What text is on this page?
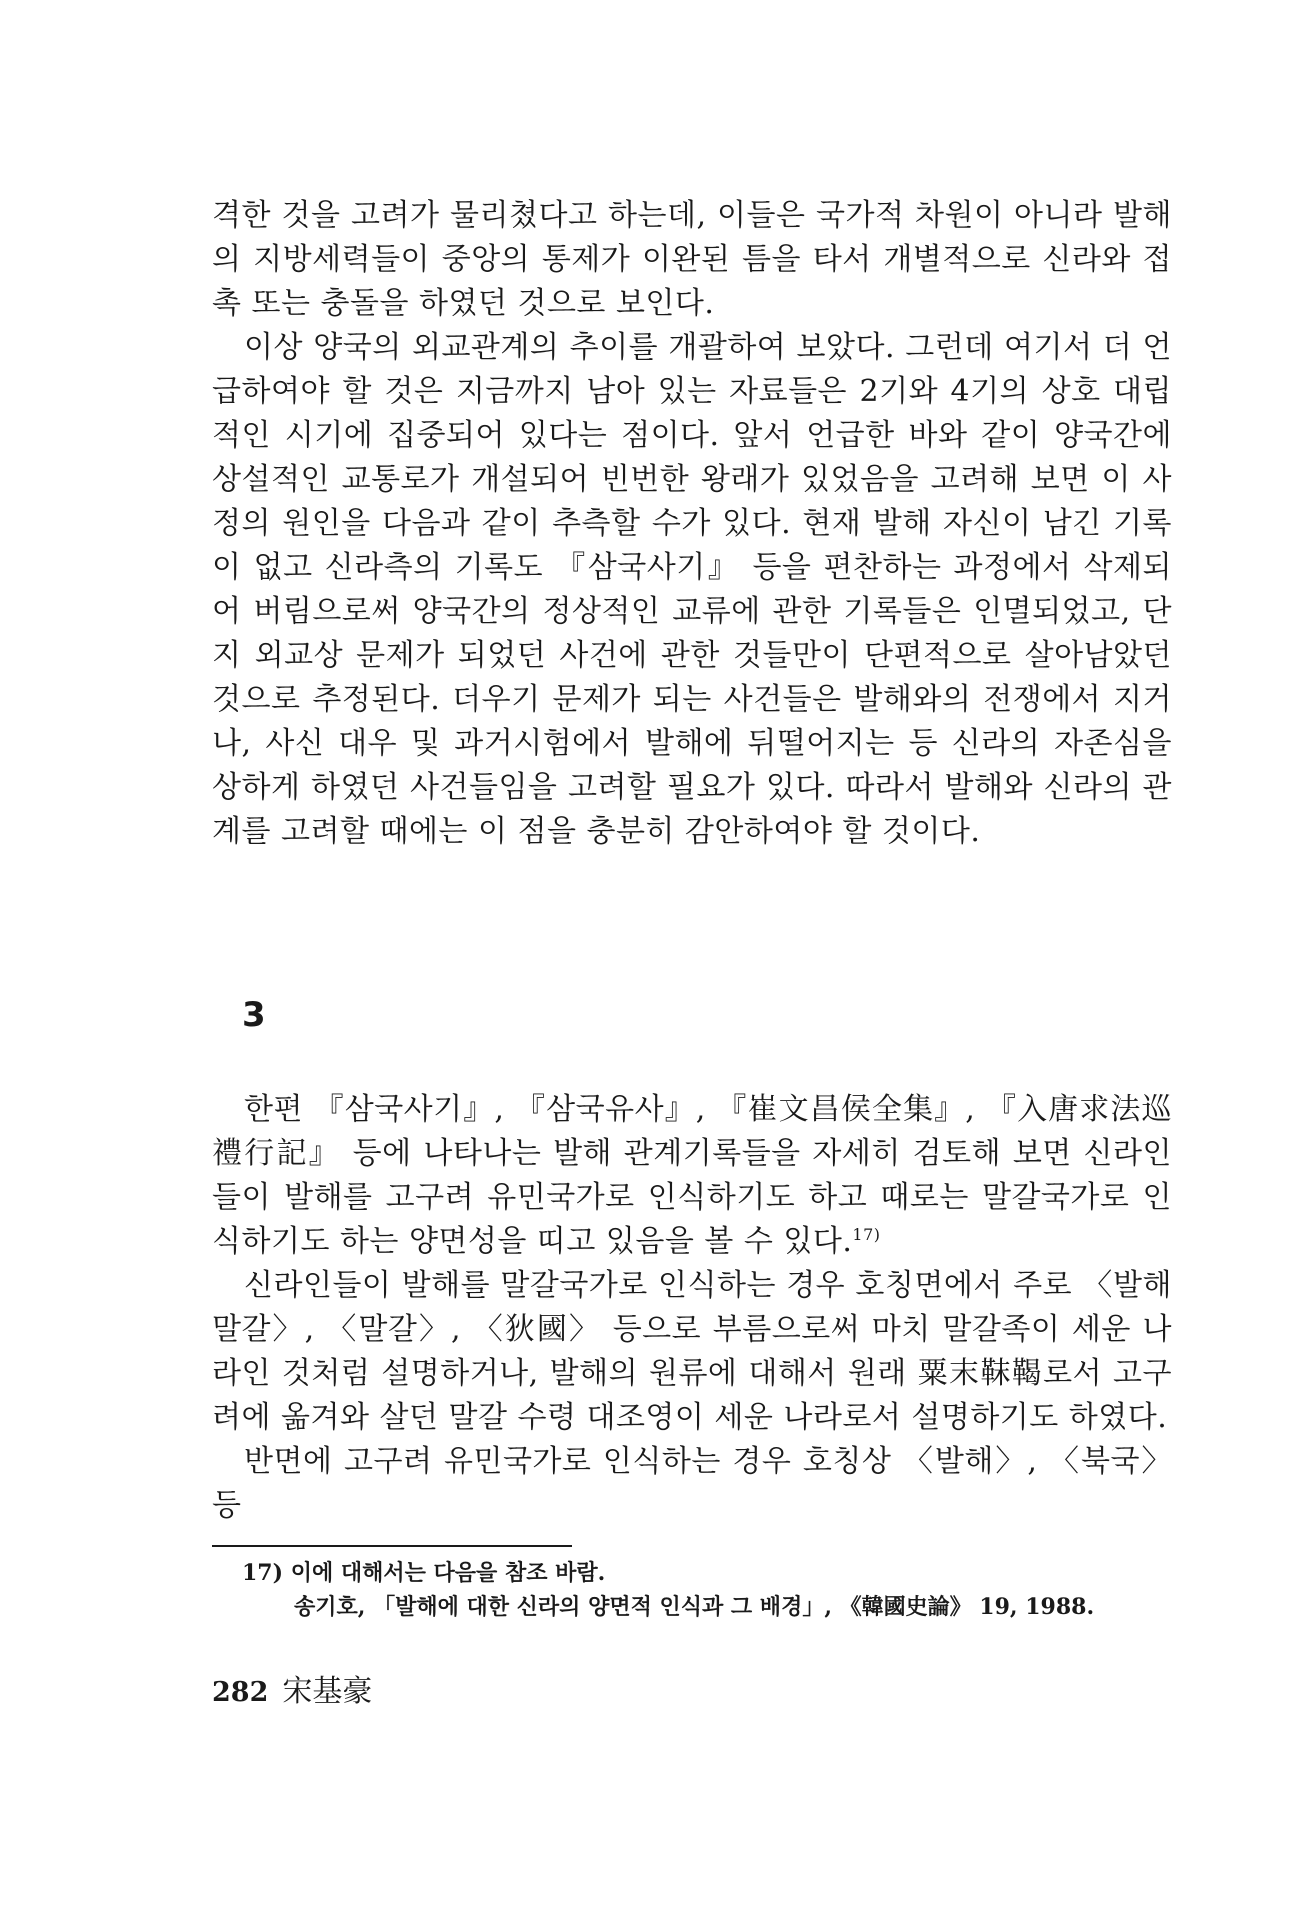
격한 것을 고려가 물리쳤다고 하는데, 이들은 국가적 차원이 아니라 발해의 지방세력들이 중앙의 통제가 이완된 틈을 타서 개별적으로 신라와 접촉 또는 충돌을 하였던 것으로 보인다.

이상 양국의 외교관계의 추이를 개괄하여 보았다. 그런데 여기서 더 언급하여야 할 것은 지금까지 남아 있는 자료들은 2기와 4기의 상호 대립적인 시기에 집중되어 있다는 점이다. 앞서 언급한 바와 같이 양국간에 상설적인 교통로가 개설되어 빈번한 왕래가 있었음을 고려해 보면 이 사정의 원인을 다음과 같이 추측할 수가 있다. 현재 발해 자신이 남긴 기록이 없고 신라측의 기록도 『삼국사기』 등을 편찬하는 과정에서 삭제되어 버림으로써 양국간의 정상적인 교류에 관한 기록들은 인멸되었고, 단지 외교상 문제가 되었던 사건에 관한 것들만이 단편적으로 살아남았던 것으로 추정된다. 더우기 문제가 되는 사건들은 발해와의 전쟁에서 지거나, 사신 대우 및 과거시험에서 발해에 뒤떨어지는 등 신라의 자존심을 상하게 하였던 사건들임을 고려할 필요가 있다. 따라서 발해와 신라의 관계를 고려할 때에는 이 점을 충분히 감안하여야 할 것이다.

3

한편 『삼국사기』, 『삼국유사』, 『崔文昌侯全集』, 『入唐求法巡禮行記』 등에 나타나는 발해 관계기록들을 자세히 검토해 보면 신라인들이 발해를 고구려 유민국가로 인식하기도 하고 때로는 말갈국가로 인식하기도 하는 양면성을 띠고 있음을 볼 수 있다.$^{17)}$

신라인들이 발해를 말갈국가로 인식하는 경우 호칭면에서 주로 〈발해말갈〉, 〈말갈〉, 〈狄國〉 등으로 부름으로써 마치 말갈족이 세운 나라인 것처럼 설명하거나, 발해의 원류에 대해서 원래 粟末靺鞨로서 고구려에 옮겨와 살던 말갈 수령 대조영이 세운 나라로서 설명하기도 하였다.

반면에 고구려 유민국가로 인식하는 경우 호칭상 〈발해〉, 〈북국〉 등

17) 이에 대해서는 다음을 참조 바람.

송기호, 「발해에 대한 신라의 양면적 인식과 그 배경」, 《韓國史論》 19, 1988.

282 宋基豪
